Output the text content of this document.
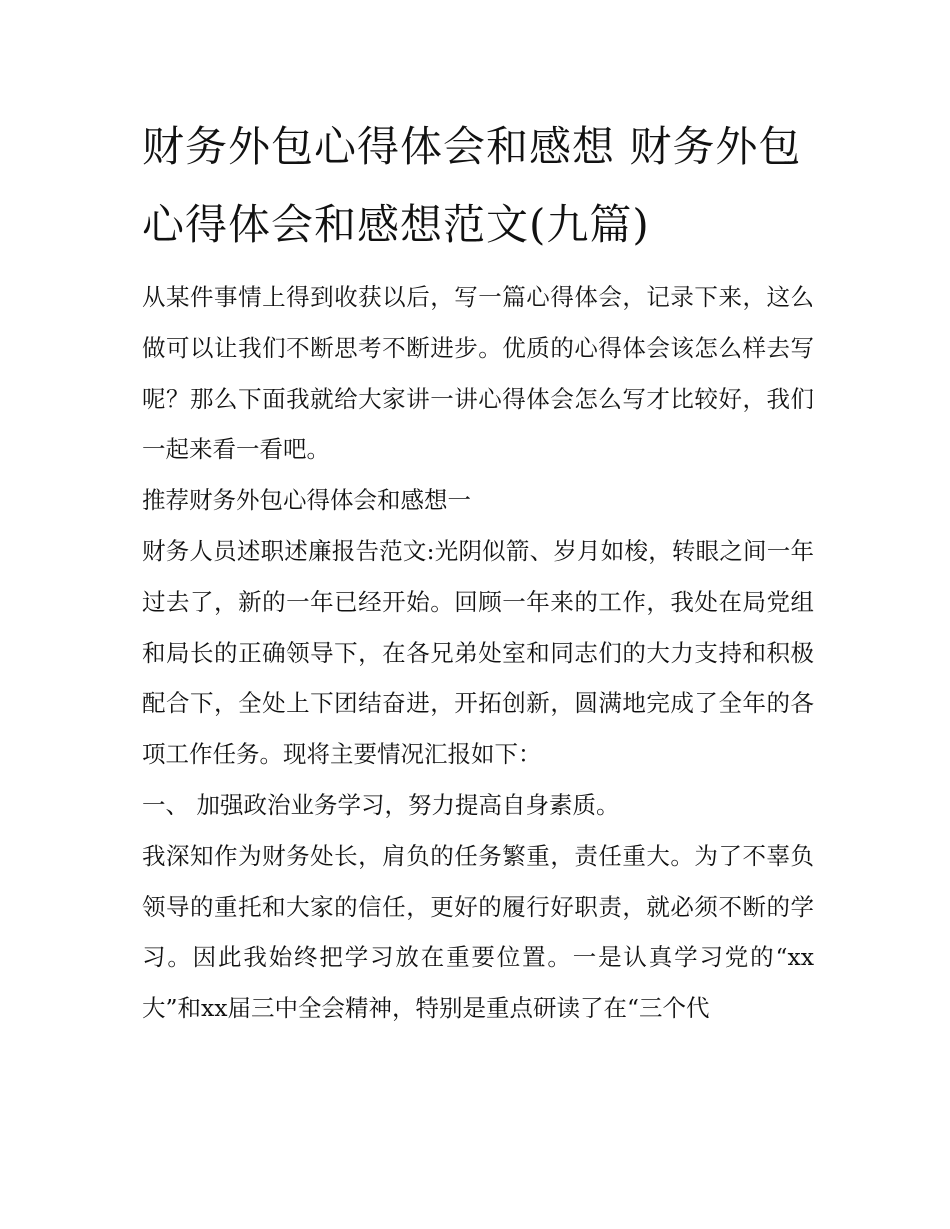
财务外包心得体会和感想 财务外包心得体会和感想范文(九篇)

从某件事情上得到收获以后，写一篇心得体会，记录下来，这么做可以让我们不断思考不断进步。优质的心得体会该怎么样去写呢？那么下面我就给大家讲一讲心得体会怎么写才比较好，我们一起来看一看吧。

推荐财务外包心得体会和感想一

财务人员述职述廉报告范文:光阴似箭、岁月如梭，转眼之间一年过去了，新的一年已经开始。回顾一年来的工作，我处在局党组和局长的正确领导下，在各兄弟处室和同志们的大力支持和积极配合下，全处上下团结奋进，开拓创新，圆满地完成了全年的各项工作任务。现将主要情况汇报如下：

一、 加强政治业务学习，努力提高自身素质。

我深知作为财务处长，肩负的任务繁重，责任重大。为了不辜负领导的重托和大家的信任，更好的履行好职责，就必须不断的学习。因此我始终把学习放在重要位置。一是认真学习党的“xx大”和xx届三中全会精神，特别是重点研读了在“三个代
